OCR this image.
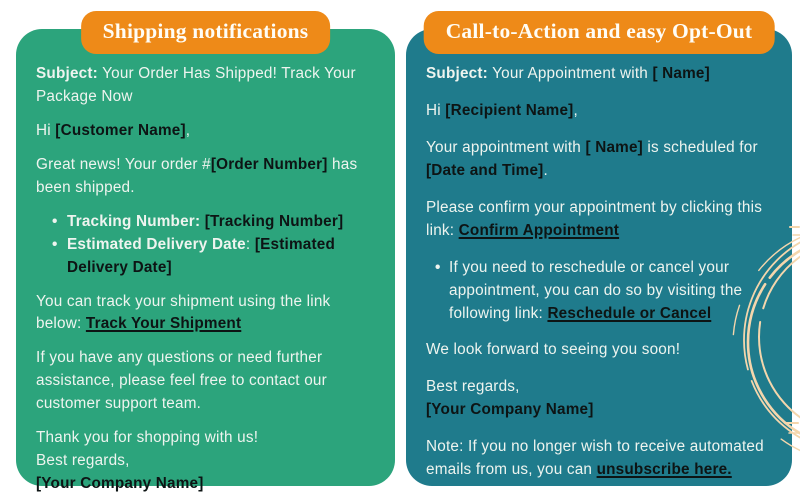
Shipping notifications

Subject: Your Order Has Shipped! Track Your Package Now

Hi [Customer Name],

Great news! Your order #[Order Number] has been shipped.

• Tracking Number: [Tracking Number]
• Estimated Delivery Date: [Estimated Delivery Date]

You can track your shipment using the link below: Track Your Shipment

If you have any questions or need further assistance, please feel free to contact our customer support team.

Thank you for shopping with us!

Best regards,

[Your Company Name]

Call-to-Action and easy Opt-Out

Subject: Your Appointment with [ Name]

Hi [Recipient Name],

Your appointment with [ Name] is scheduled for [Date and Time].

Please confirm your appointment by clicking this link: Confirm Appointment

• If you need to reschedule or cancel your appointment, you can do so by visiting the following link: Reschedule or Cancel

We look forward to seeing you soon!

Best regards,

[Your Company Name]

Note: If you no longer wish to receive automated emails from us, you can unsubscribe here.
